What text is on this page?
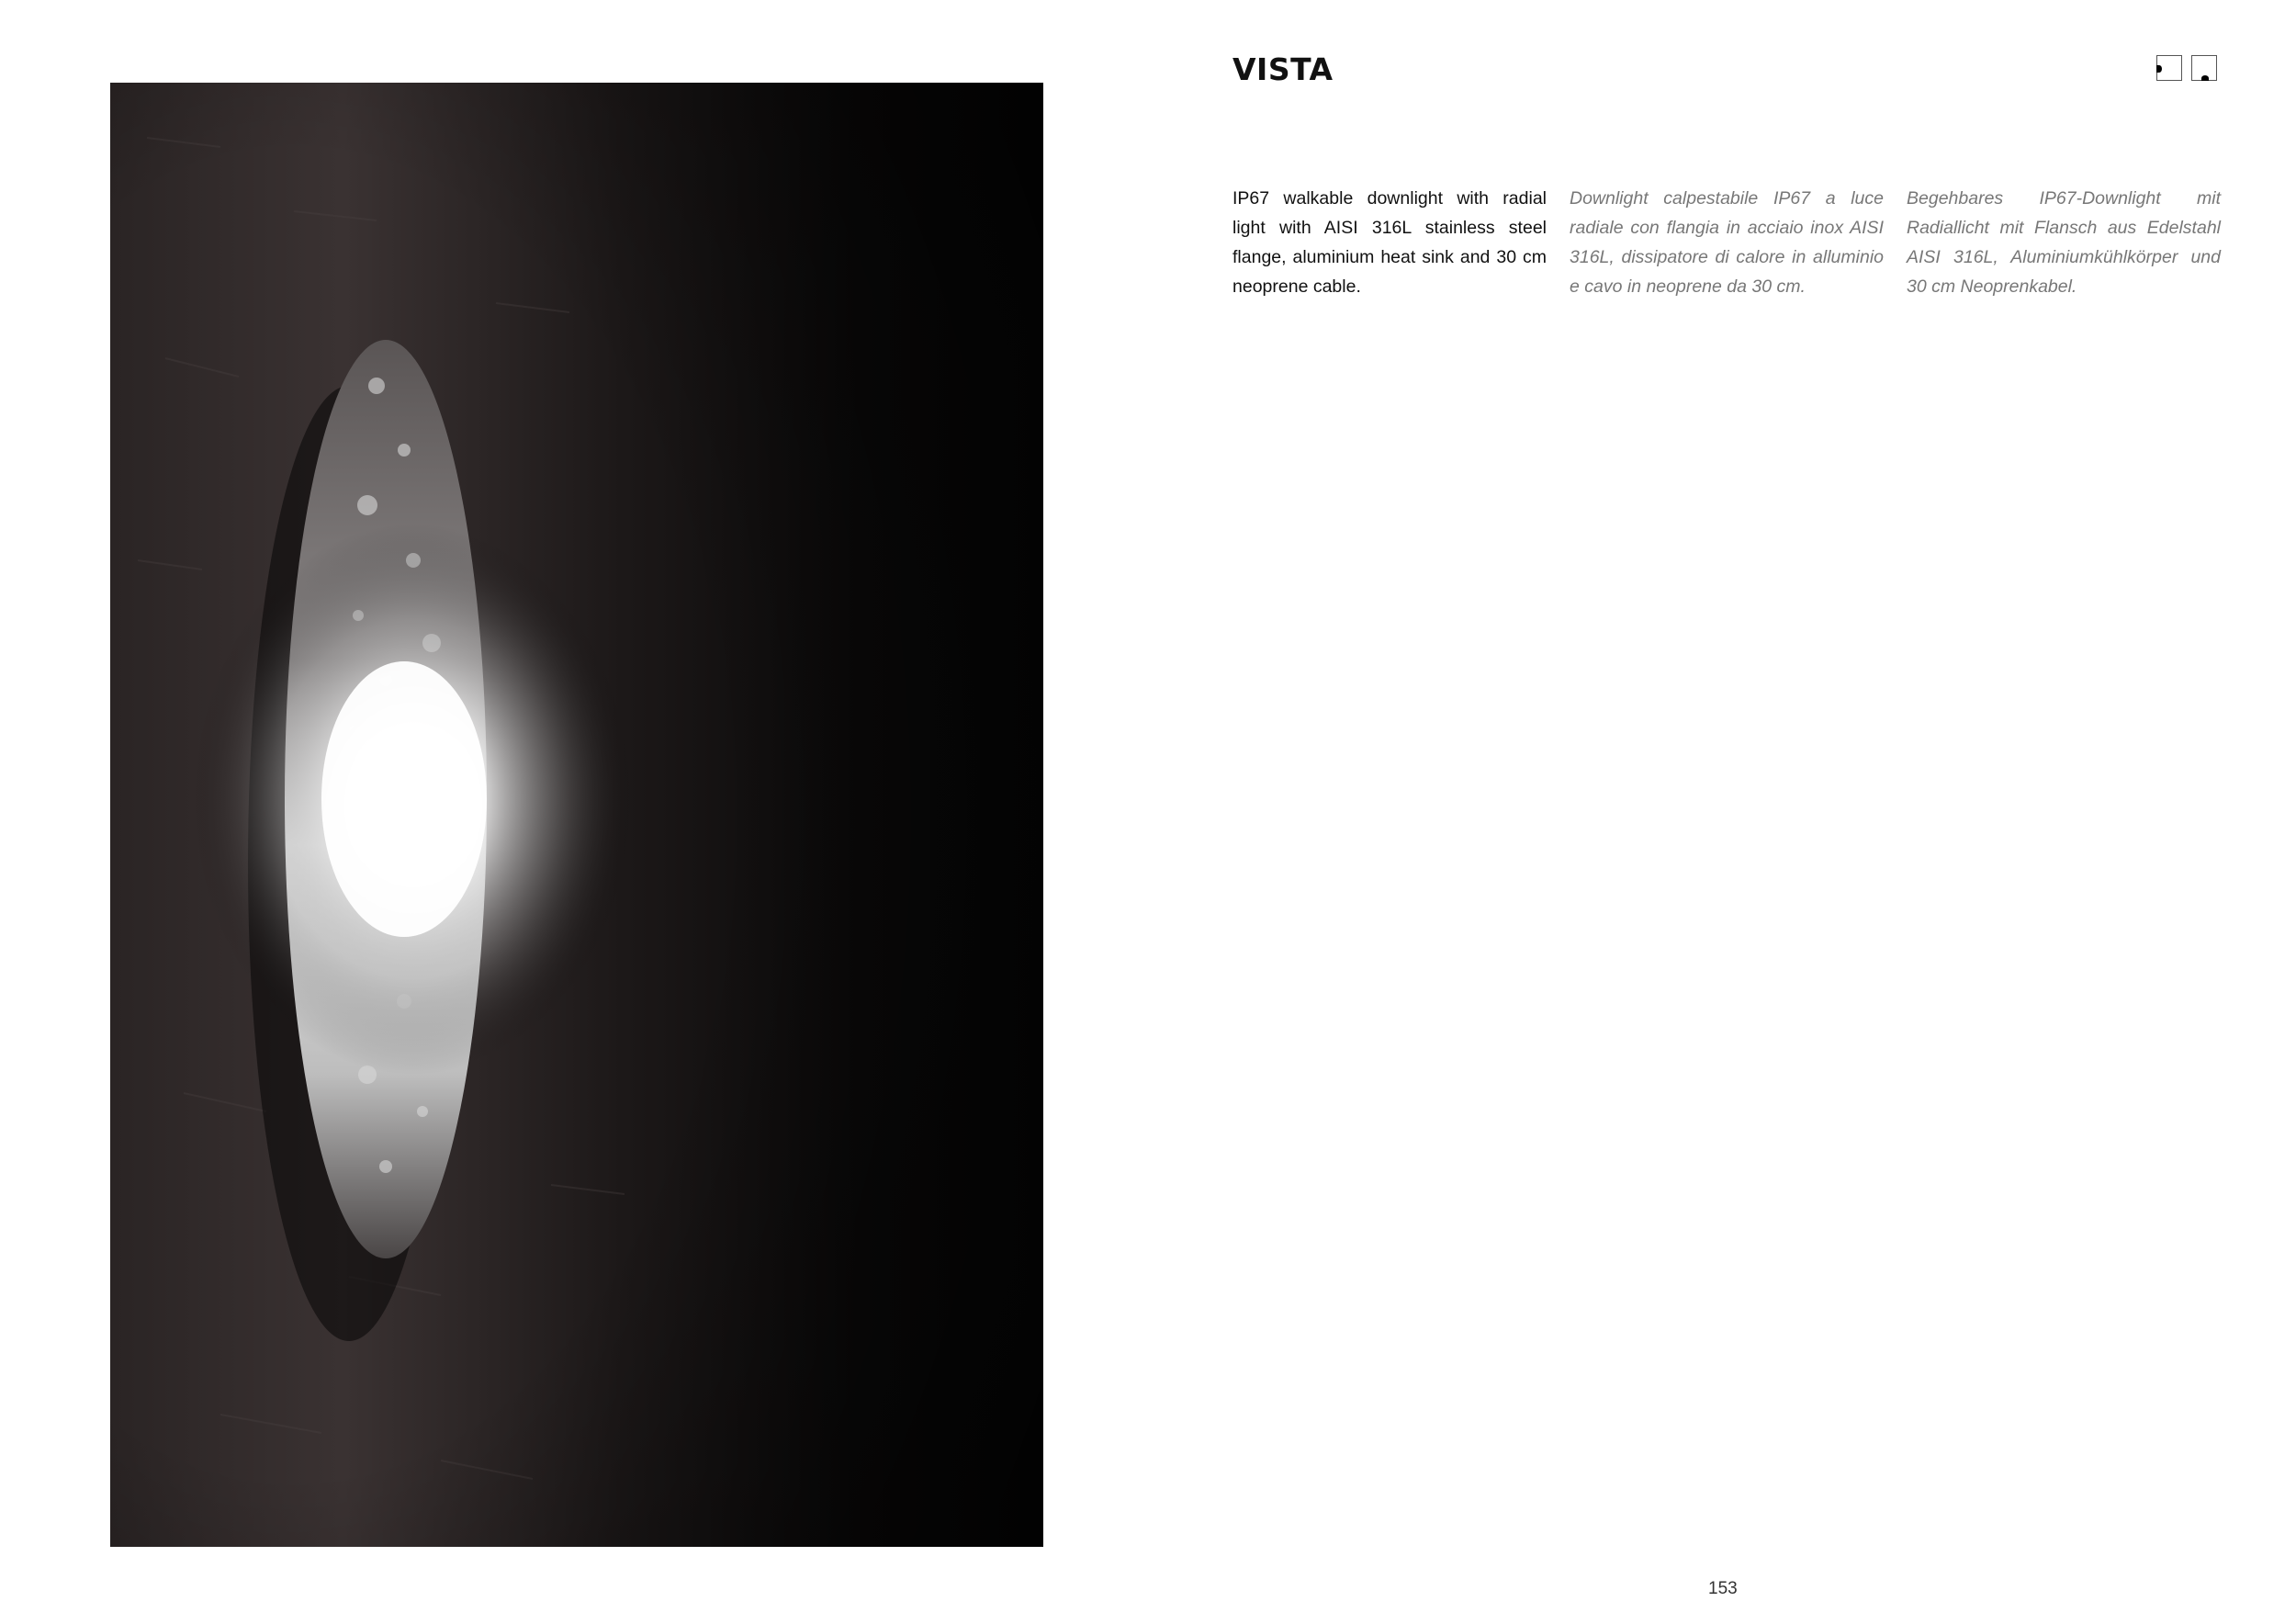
VISTA

IP67 walkable downlight with radial light with AISI 316L stainless steel flange, aluminium heat sink and 30 cm neoprene cable.

Downlight calpestabile IP67 a luce radiale con flangia in acciaio inox AISI 316L, dissipatore di calore in alluminio e cavo in neoprene da 30 cm.

Begehbares IP67-Downlight mit Radiallicht mit Flansch aus Edelstahl AISI 316L, Aluminiumkühlkörper und 30 cm Neoprenkabel.

153
